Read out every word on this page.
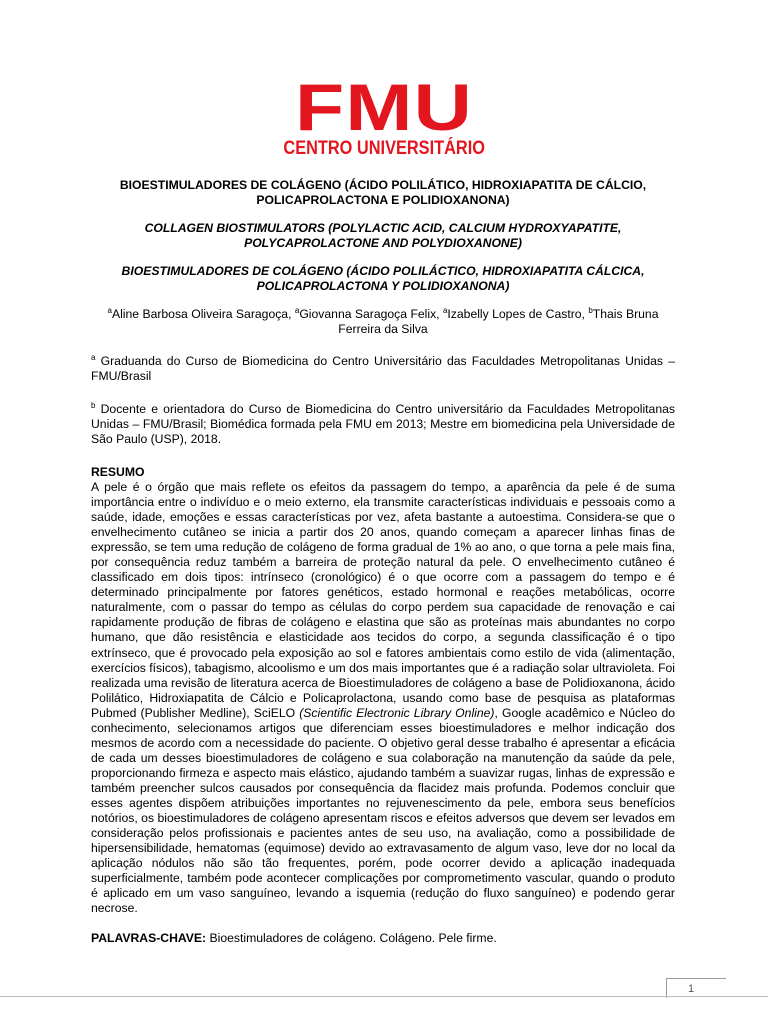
FMU
CENTRO UNIVERSITÁRIO

BIOESTIMULADORES DE COLÁGENO (ÁCIDO POLILÁTICO, HIDROXIAPATITA DE CÁLCIO, POLICAPROLACTONA E POLIDIOXANONA)

COLLAGEN BIOSTIMULATORS (POLYLACTIC ACID, CALCIUM HYDROXYAPATITE, POLYCAPROLACTONE AND POLYDIOXANONE)

BIOESTIMULADORES DE COLÁGENO (ÁCIDO POLILÁCTICO, HIDROXIAPATITA CÁLCICA, POLICAPROLACTONA Y POLIDIOXANONA)

$^a$Aline Barbosa Oliveira Saragoça, $^a$Giovanna Saragoça Felix, $^a$Izabelly Lopes de Castro, $^b$Thais Bruna Ferreira da Silva

$^a$ Graduanda do Curso de Biomedicina do Centro Universitário das Faculdades Metropolitanas Unidas – FMU/Brasil

$^b$ Docente e orientadora do Curso de Biomedicina do Centro universitário da Faculdades Metropolitanas Unidas – FMU/Brasil; Biomédica formada pela FMU em 2013; Mestre em biomedicina pela Universidade de São Paulo (USP), 2018.

RESUMO

A pele é o órgão que mais reflete os efeitos da passagem do tempo, a aparência da pele é de suma importância entre o indivíduo e o meio externo, ela transmite características individuais e pessoais como a saúde, idade, emoções e essas características por vez, afeta bastante a autoestima. Considera-se que o envelhecimento cutâneo se inicia a partir dos 20 anos, quando começam a aparecer linhas finas de expressão, se tem uma redução de colágeno de forma gradual de 1% ao ano, o que torna a pele mais fina, por consequência reduz também a barreira de proteção natural da pele. O envelhecimento cutâneo é classificado em dois tipos: intrínseco (cronológico) é o que ocorre com a passagem do tempo e é determinado principalmente por fatores genéticos, estado hormonal e reações metabólicas, ocorre naturalmente, com o passar do tempo as células do corpo perdem sua capacidade de renovação e cai rapidamente produção de fibras de colágeno e elastina que são as proteínas mais abundantes no corpo humano, que dão resistência e elasticidade aos tecidos do corpo, a segunda classificação é o tipo extrínseco, que é provocado pela exposição ao sol e fatores ambientais como estilo de vida (alimentação, exercícios físicos), tabagismo, alcoolismo e um dos mais importantes que é a radiação solar ultravioleta. Foi realizada uma revisão de literatura acerca de Bioestimuladores de colágeno a base de Polidioxanona, ácido Polilático, Hidroxiapatita de Cálcio e Policaprolactona, usando como base de pesquisa as plataformas Pubmed (Publisher Medline), SciELO (Scientific Electronic Library Online), Google acadêmico e Núcleo do conhecimento, selecionamos artigos que diferenciam esses bioestimuladores e melhor indicação dos mesmos de acordo com a necessidade do paciente. O objetivo geral desse trabalho é apresentar a eficácia de cada um desses bioestimuladores de colágeno e sua colaboração na manutenção da saúde da pele, proporcionando firmeza e aspecto mais elástico, ajudando também a suavizar rugas, linhas de expressão e também preencher sulcos causados por consequência da flacidez mais profunda. Podemos concluir que esses agentes dispõem atribuições importantes no rejuvenescimento da pele, embora seus benefícios notórios, os bioestimuladores de colágeno apresentam riscos e efeitos adversos que devem ser levados em consideração pelos profissionais e pacientes antes de seu uso, na avaliação, como a possibilidade de hipersensibilidade, hematomas (equimose) devido ao extravasamento de algum vaso, leve dor no local da aplicação nódulos não são tão frequentes, porém, pode ocorrer devido a aplicação inadequada superficialmente, também pode acontecer complicações por comprometimento vascular, quando o produto é aplicado em um vaso sanguíneo, levando a isquemia (redução do fluxo sanguíneo) e podendo gerar necrose.

PALAVRAS-CHAVE: Bioestimuladores de colágeno. Colágeno. Pele firme.

1
